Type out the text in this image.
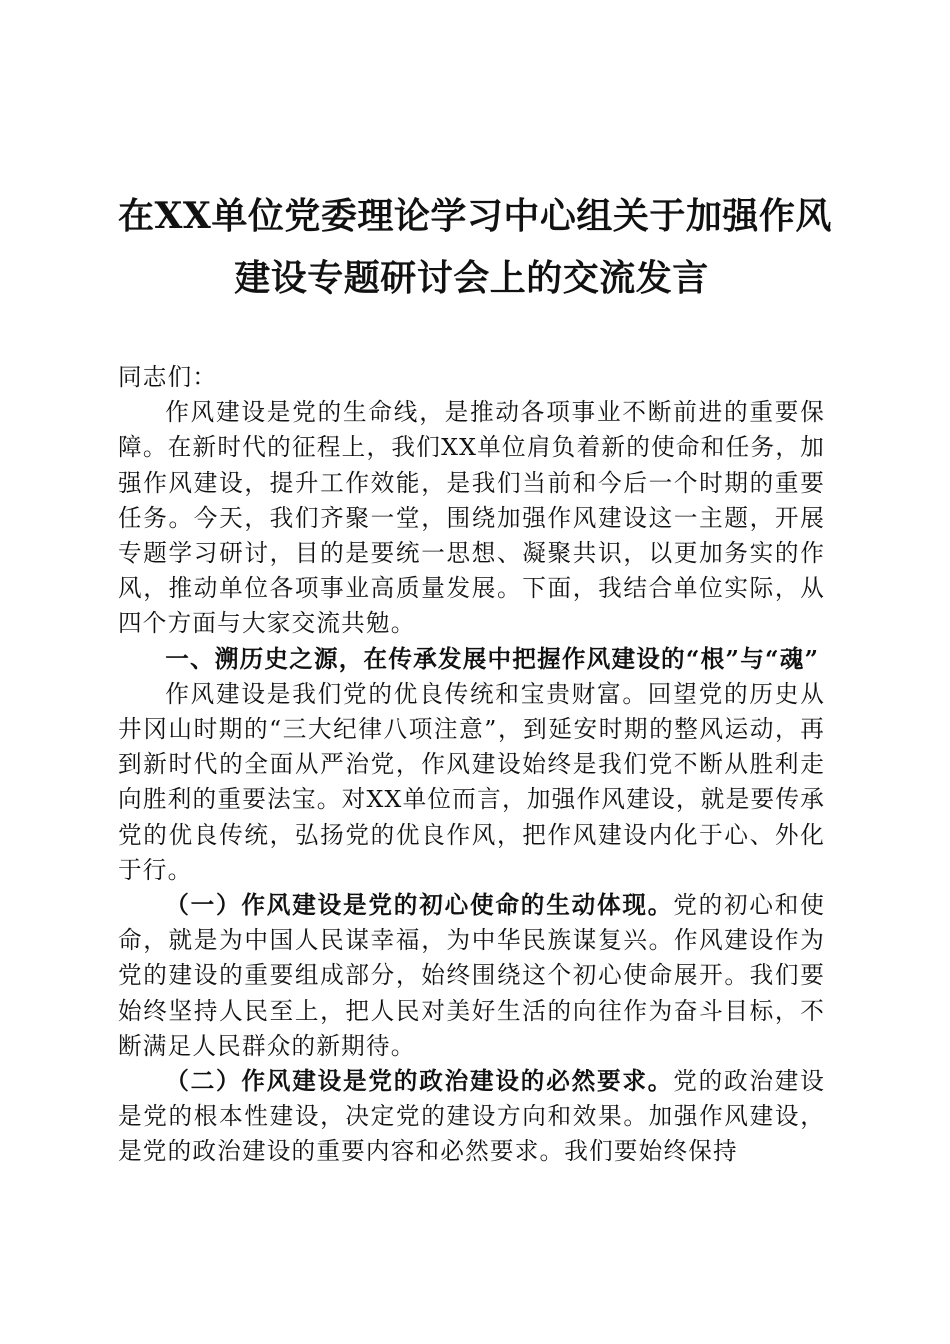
在XX单位党委理论学习中心组关于加强作风
建设专题研讨会上的交流发言

同志们：

作风建设是党的生命线，是推动各项事业不断前进的重要保障。在新时代的征程上，我们XX单位肩负着新的使命和任务，加强作风建设，提升工作效能，是我们当前和今后一个时期的重要任务。今天，我们齐聚一堂，围绕加强作风建设这一主题，开展专题学习研讨，目的是要统一思想、凝聚共识，以更加务实的作风，推动单位各项事业高质量发展。下面，我结合单位实际，从四个方面与大家交流共勉。

一、溯历史之源，在传承发展中把握作风建设的“根”与“魂”

作风建设是我们党的优良传统和宝贵财富。回望党的历史从井冈山时期的“三大纪律八项注意”，到延安时期的整风运动，再到新时代的全面从严治党，作风建设始终是我们党不断从胜利走向胜利的重要法宝。对XX单位而言，加强作风建设，就是要传承党的优良传统，弘扬党的优良作风，把作风建设内化于心、外化于行。

（一）作风建设是党的初心使命的生动体现。党的初心和使命，就是为中国人民谋幸福，为中华民族谋复兴。作风建设作为党的建设的重要组成部分，始终围绕这个初心使命展开。我们要始终坚持人民至上，把人民对美好生活的向往作为奋斗目标，不断满足人民群众的新期待。

（二）作风建设是党的政治建设的必然要求。党的政治建设是党的根本性建设，决定党的建设方向和效果。加强作风建设，是党的政治建设的重要内容和必然要求。我们要始终保持
